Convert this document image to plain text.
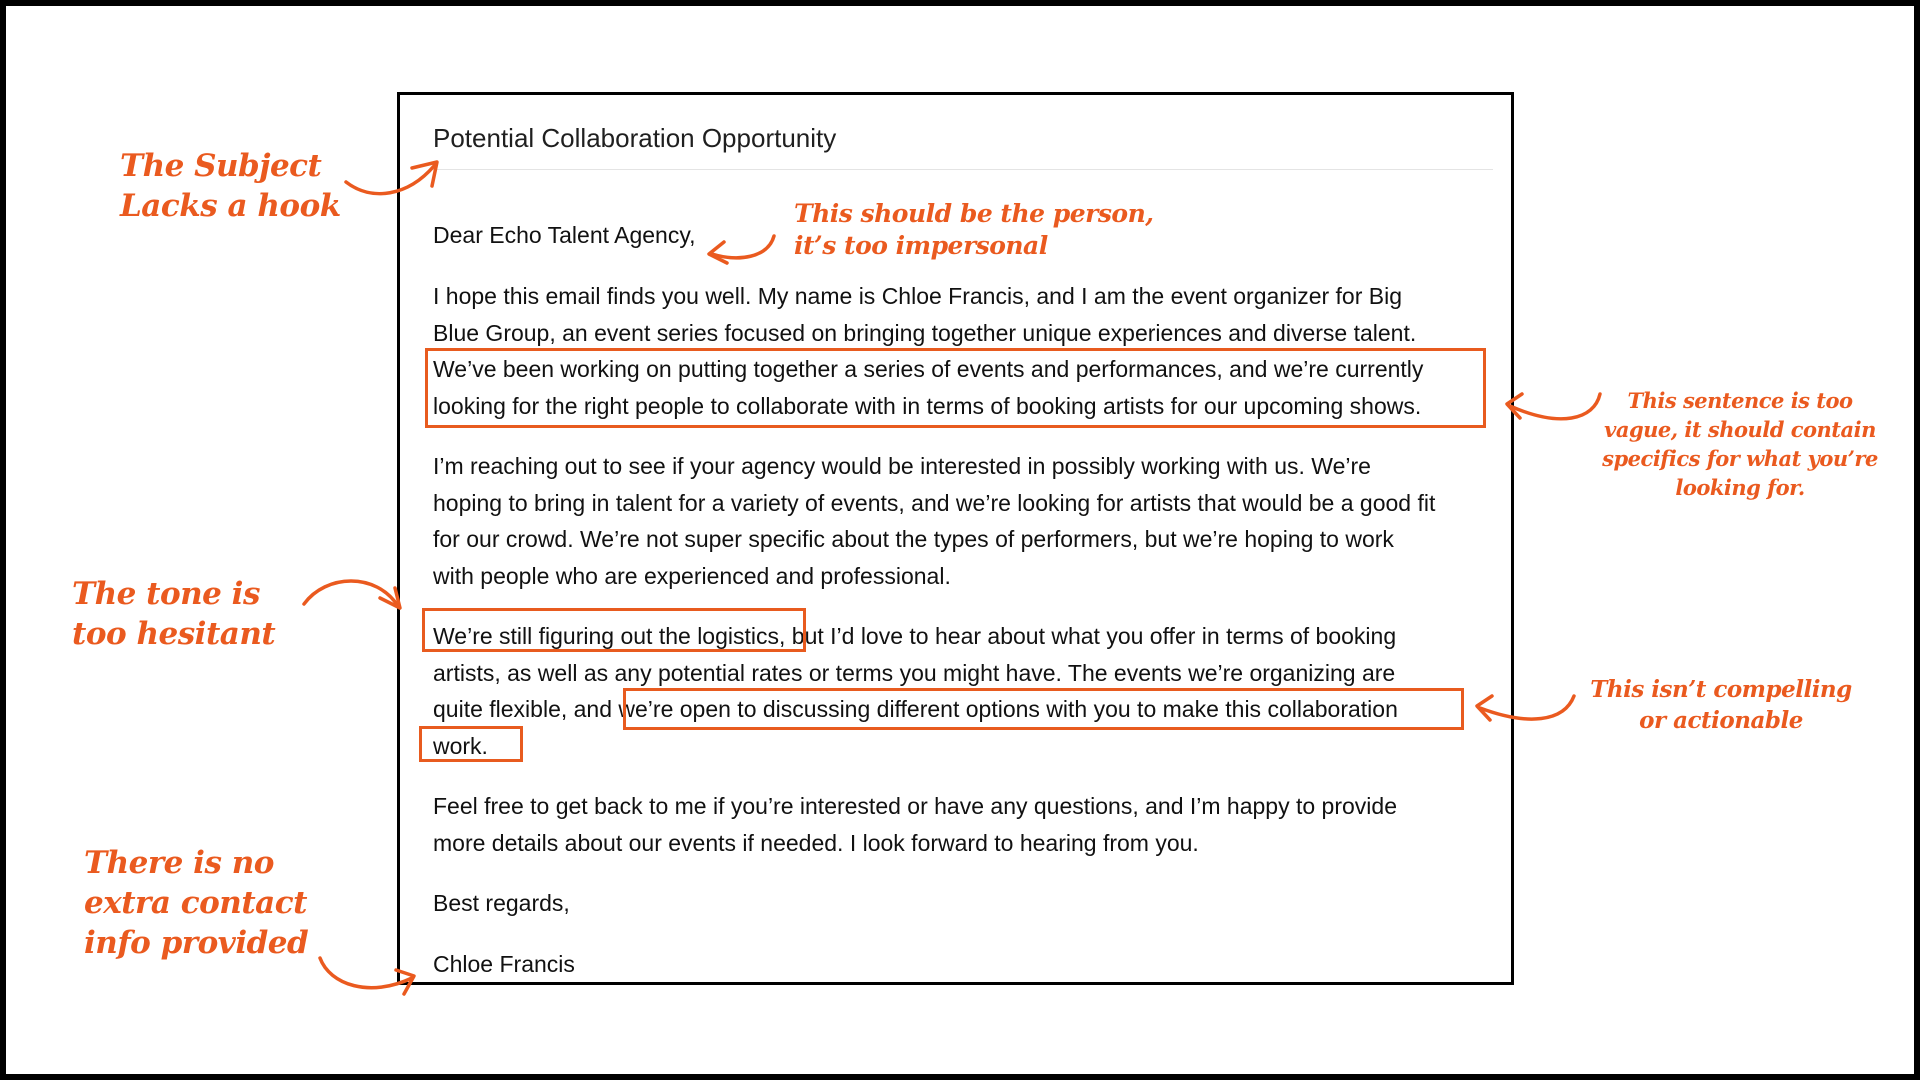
Potential Collaboration Opportunity
Dear Echo Talent Agency,
I hope this email finds you well. My name is Chloe Francis, and I am the event organizer for Big
Blue Group, an event series focused on bringing together unique experiences and diverse talent.
We’ve been working on putting together a series of events and performances, and we’re currently
looking for the right people to collaborate with in terms of booking artists for our upcoming shows.
I’m reaching out to see if your agency would be interested in possibly working with us. We’re
hoping to bring in talent for a variety of events, and we’re looking for artists that would be a good fit
for our crowd. We’re not super specific about the types of performers, but we’re hoping to work
with people who are experienced and professional.
We’re still figuring out the logistics, but I’d love to hear about what you offer in terms of booking
artists, as well as any potential rates or terms you might have. The events we’re organizing are
quite flexible, and we’re open to discussing different options with you to make this collaboration
work.
Feel free to get back to me if you’re interested or have any questions, and I’m happy to provide
more details about our events if needed. I look forward to hearing from you.
Best regards,
Chloe Francis
The Subject
Lacks a hook	This should be the person,
it’s too impersonal
This sentence is too
vague, it should contain
specifics for what you’re
looking for.
The tone is
too hesitant
This isn’t compelling
or actionable
There is no
extra contact
info provided
